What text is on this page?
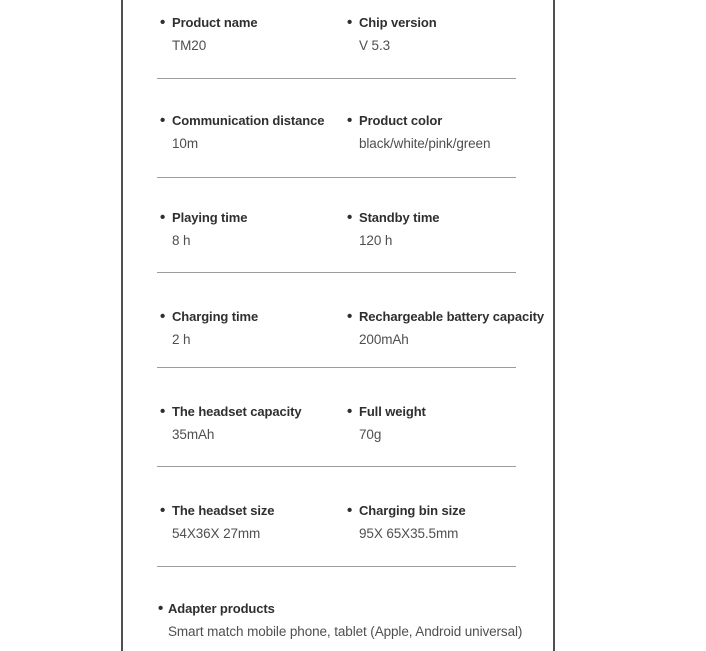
• Product name
TM20
• Chip version
V 5.3
• Communication distance
10m
• Product color
black/white/pink/green
• Playing time
8 h
• Standby time
120 h
• Charging time
2 h
• Rechargeable battery capacity
200mAh
• The headset capacity
35mAh
• Full weight
70g
• The headset size
54X36X 27mm
• Charging bin size
95X 65X35.5mm
• Adapter products
Smart match mobile phone, tablet (Apple, Android universal)
